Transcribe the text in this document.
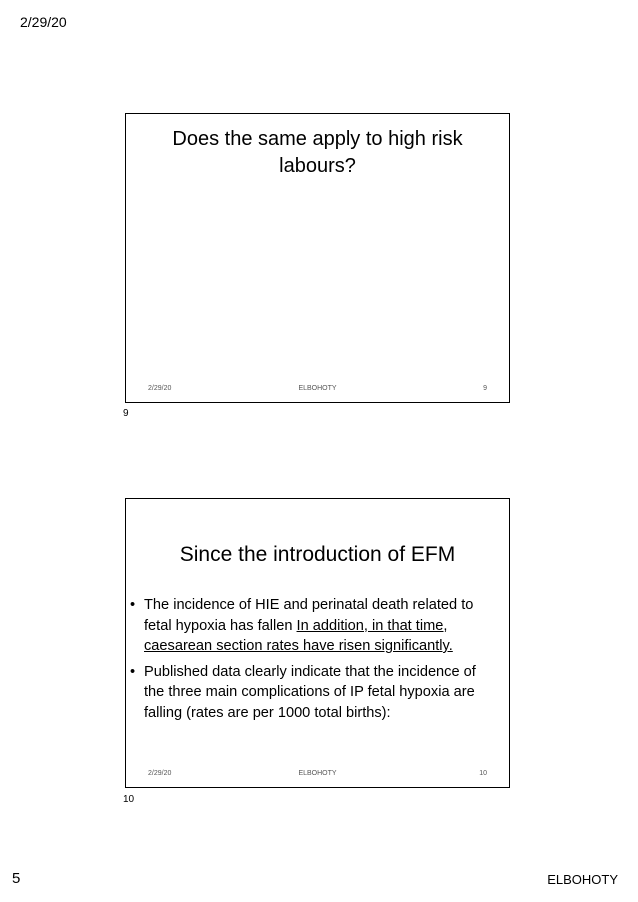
2/29/20
Does the same apply to high risk labours?
2/29/20	ELBOHOTY	9
9
Since the introduction of EFM
• The incidence of HIE and perinatal death related to fetal hypoxia has fallen In addition, in that time, caesarean section rates have risen significantly.
• Published data clearly indicate that the incidence of the three main complications of IP fetal hypoxia are falling (rates are per 1000 total births):
2/29/20	ELBOHOTY	10
10
5	ELBOHOTY
